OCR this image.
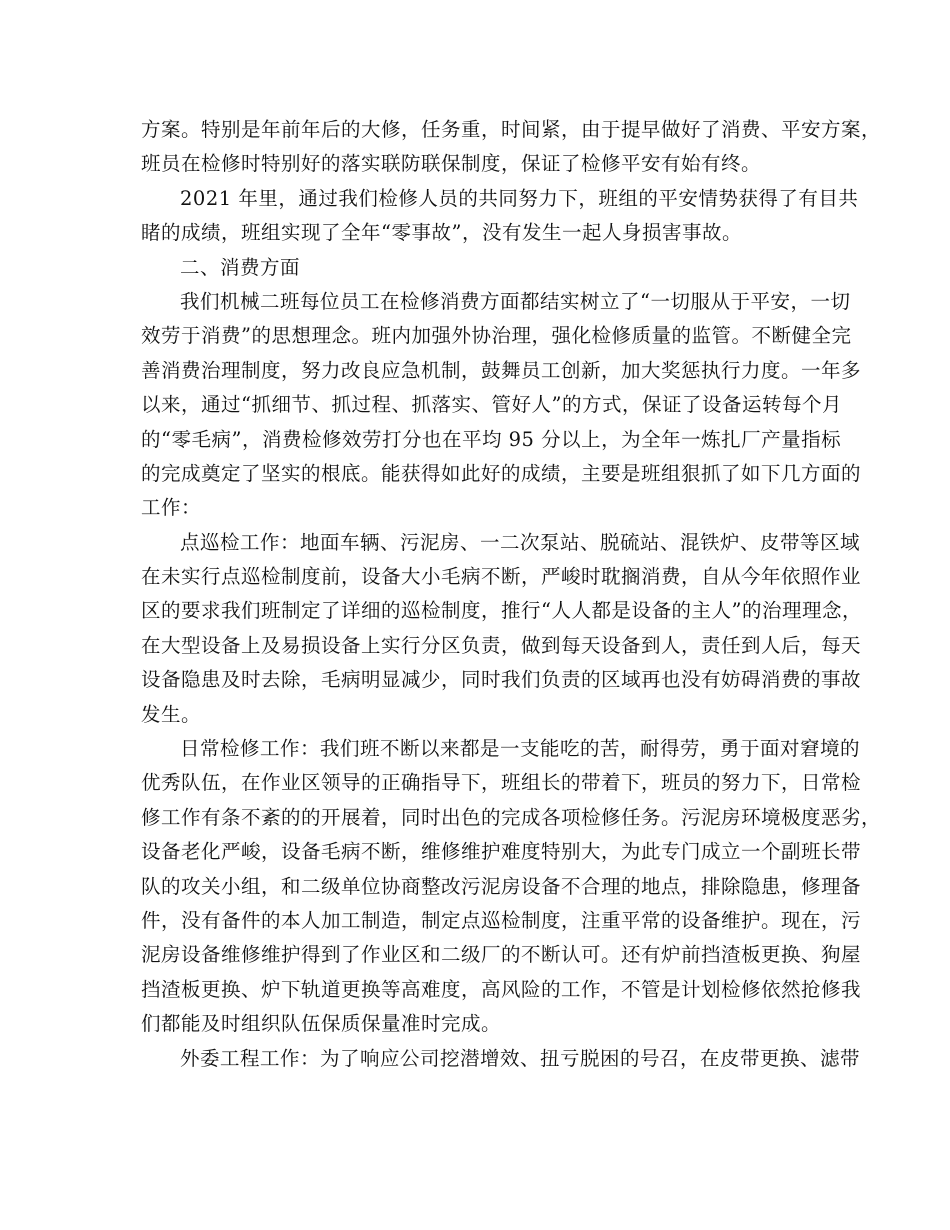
方案。特别是年前年后的大修，任务重，时间紧，由于提早做好了消费、平安方案，
班员在检修时特别好的落实联防联保制度，保证了检修平安有始有终。
2021 年里，通过我们检修人员的共同努力下，班组的平安情势获得了有目共
睹的成绩，班组实现了全年“零事故”，没有发生一起人身损害事故。
二、消费方面
我们机械二班每位员工在检修消费方面都结实树立了“一切服从于平安，一切
效劳于消费”的思想理念。班内加强外协治理，强化检修质量的监管。不断健全完
善消费治理制度，努力改良应急机制，鼓舞员工创新，加大奖惩执行力度。一年多
以来，通过“抓细节、抓过程、抓落实、管好人”的方式，保证了设备运转每个月
的“零毛病”，消费检修效劳打分也在平均 95 分以上，为全年一炼扎厂产量指标
的完成奠定了坚实的根底。能获得如此好的成绩，主要是班组狠抓了如下几方面的
工作：
点巡检工作：地面车辆、污泥房、一二次泵站、脱硫站、混铁炉、皮带等区域
在未实行点巡检制度前，设备大小毛病不断，严峻时耽搁消费，自从今年依照作业
区的要求我们班制定了详细的巡检制度，推行“人人都是设备的主人”的治理理念，
在大型设备上及易损设备上实行分区负责，做到每天设备到人，责任到人后，每天
设备隐患及时去除，毛病明显减少，同时我们负责的区域再也没有妨碍消费的事故
发生。
日常检修工作：我们班不断以来都是一支能吃的苦，耐得劳，勇于面对窘境的
优秀队伍，在作业区领导的正确指导下，班组长的带着下，班员的努力下，日常检
修工作有条不紊的的开展着，同时出色的完成各项检修任务。污泥房环境极度恶劣，
设备老化严峻，设备毛病不断，维修维护难度特别大，为此专门成立一个副班长带
队的攻关小组，和二级单位协商整改污泥房设备不合理的地点，排除隐患，修理备
件，没有备件的本人加工制造，制定点巡检制度，注重平常的设备维护。现在，污
泥房设备维修维护得到了作业区和二级厂的不断认可。还有炉前挡渣板更换、狗屋
挡渣板更换、炉下轨道更换等高难度，高风险的工作，不管是计划检修依然抢修我
们都能及时组织队伍保质保量准时完成。
外委工程工作：为了响应公司挖潜增效、扭亏脱困的号召，在皮带更换、滤带
